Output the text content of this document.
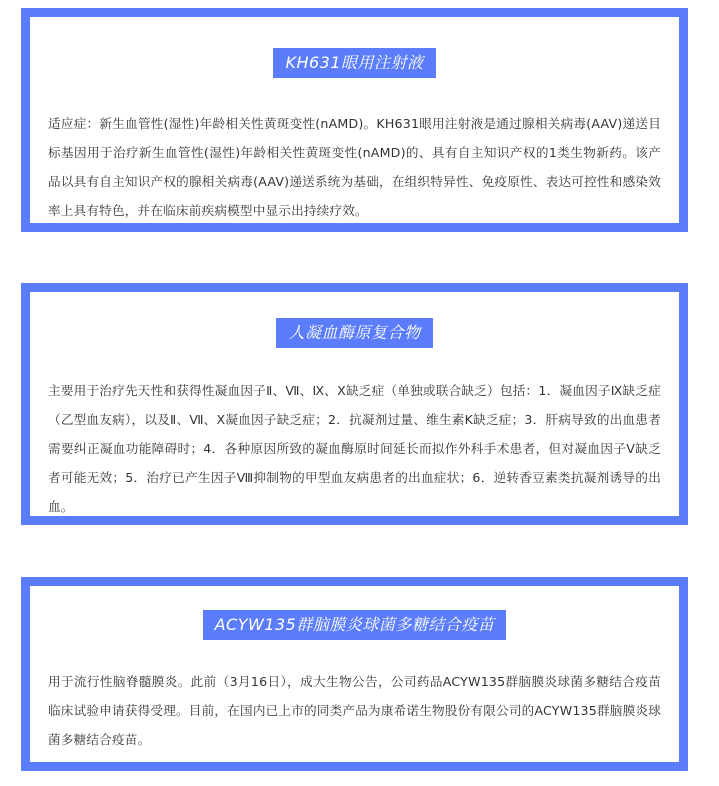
KH631眼用注射液
适应症：新生血管性(湿性)年龄相关性黄斑变性(nAMD)。KH631眼用注射液是通过腺相关病毒(AAV)递送目标基因用于治疗新生血管性(湿性)年龄相关性黄斑变性(nAMD)的、具有自主知识产权的1类生物新药。该产品以具有自主知识产权的腺相关病毒(AAV)递送系统为基础，在组织特异性、免疫原性、表达可控性和感染效率上具有特色，并在临床前疾病模型中显示出持续疗效。
人凝血酶原复合物
主要用于治疗先天性和获得性凝血因子Ⅱ、Ⅶ、Ⅸ、Ⅹ缺乏症（单独或联合缺乏）包括：1．凝血因子Ⅸ缺乏症（乙型血友病），以及Ⅱ、Ⅶ、Ⅹ凝血因子缺乏症；2．抗凝剂过量、维生素K缺乏症；3．肝病导致的出血患者需要纠正凝血功能障碍时；4．各种原因所致的凝血酶原时间延长而拟作外科手术患者，但对凝血因子V缺乏者可能无效；5．治疗已产生因子Ⅷ抑制物的甲型血友病患者的出血症状；6．逆转香豆素类抗凝剂诱导的出血。
ACYW135群脑膜炎球菌多糖结合疫苗
用于流行性脑脊髓膜炎。此前（3月16日），成大生物公告，公司药品ACYW135群脑膜炎球菌多糖结合疫苗临床试验申请获得受理。目前，在国内已上市的同类产品为康希诺生物股份有限公司的ACYW135群脑膜炎球菌多糖结合疫苗。
